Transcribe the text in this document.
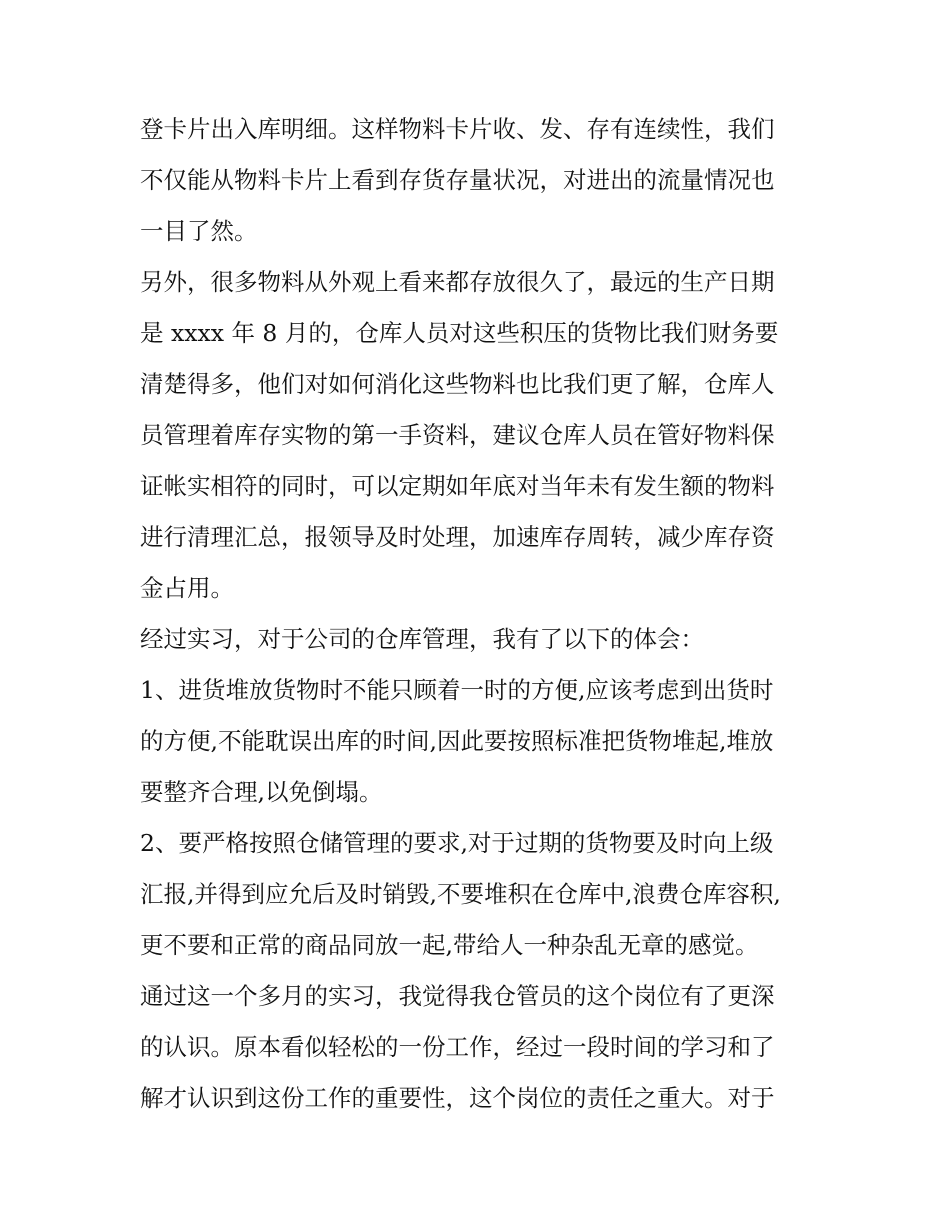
登卡片出入库明细。这样物料卡片收、发、存有连续性，我们
不仅能从物料卡片上看到存货存量状况，对进出的流量情况也
一目了然。
另外，很多物料从外观上看来都存放很久了，最远的生产日期
是 xxxx 年 8 月的，仓库人员对这些积压的货物比我们财务要
清楚得多，他们对如何消化这些物料也比我们更了解，仓库人
员管理着库存实物的第一手资料，建议仓库人员在管好物料保
证帐实相符的同时，可以定期如年底对当年未有发生额的物料
进行清理汇总，报领导及时处理，加速库存周转，减少库存资
金占用。
经过实习，对于公司的仓库管理，我有了以下的体会：
1、进货堆放货物时不能只顾着一时的方便,应该考虑到出货时
的方便,不能耽误出库的时间,因此要按照标准把货物堆起,堆放
要整齐合理,以免倒塌。
2、要严格按照仓储管理的要求,对于过期的货物要及时向上级
汇报,并得到应允后及时销毁,不要堆积在仓库中,浪费仓库容积,
更不要和正常的商品同放一起,带给人一种杂乱无章的感觉。
通过这一个多月的实习，我觉得我仓管员的这个岗位有了更深
的认识。原本看似轻松的一份工作，经过一段时间的学习和了
解才认识到这份工作的重要性，这个岗位的责任之重大。对于
